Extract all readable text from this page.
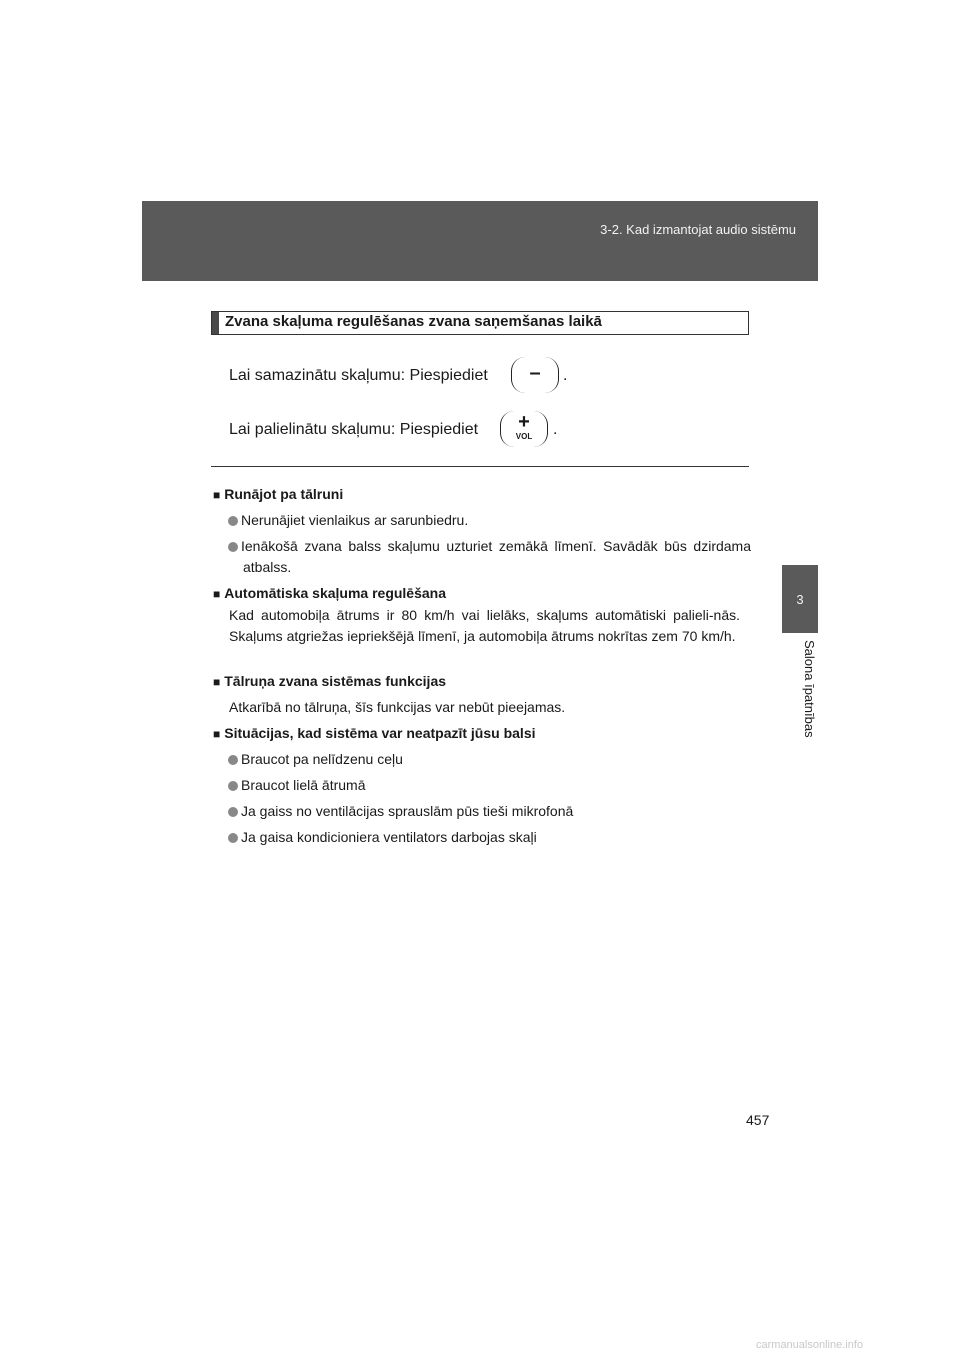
3-2. Kad izmantojat audio sistēmu
3
Salona īpatnības
Zvana skaļuma regulēšanas zvana saņemšanas laikā
Lai samazinātu skaļumu: Piespiediet	–	.
Lai palielinātu skaļumu: Piespiediet	+
VOL	.
■ Runājot pa tālruni
Nerunājiet vienlaikus ar sarunbiedru.
Ienākošā zvana balss skaļumu uzturiet zemākā līmenī. Savādāk būs dzirdama atbalss.
■ Automātiska skaļuma regulēšana
Kad automobiļa ātrums ir 80 km/h vai lielāks, skaļums automātiski palieli-nās. Skaļums atgriežas iepriekšējā līmenī, ja automobiļa ātrums nokrītas zem 70 km/h.
■ Tālruņa zvana sistēmas funkcijas
Atkarībā no tālruņa, šīs funkcijas var nebūt pieejamas.
■ Situācijas, kad sistēma var neatpazīt jūsu balsi
Braucot pa nelīdzenu ceļu
Braucot lielā ātrumā
Ja gaiss no ventilācijas sprauslām pūs tieši mikrofonā
Ja gaisa kondicioniera ventilators darbojas skaļi
457
carmanualsonline.info
